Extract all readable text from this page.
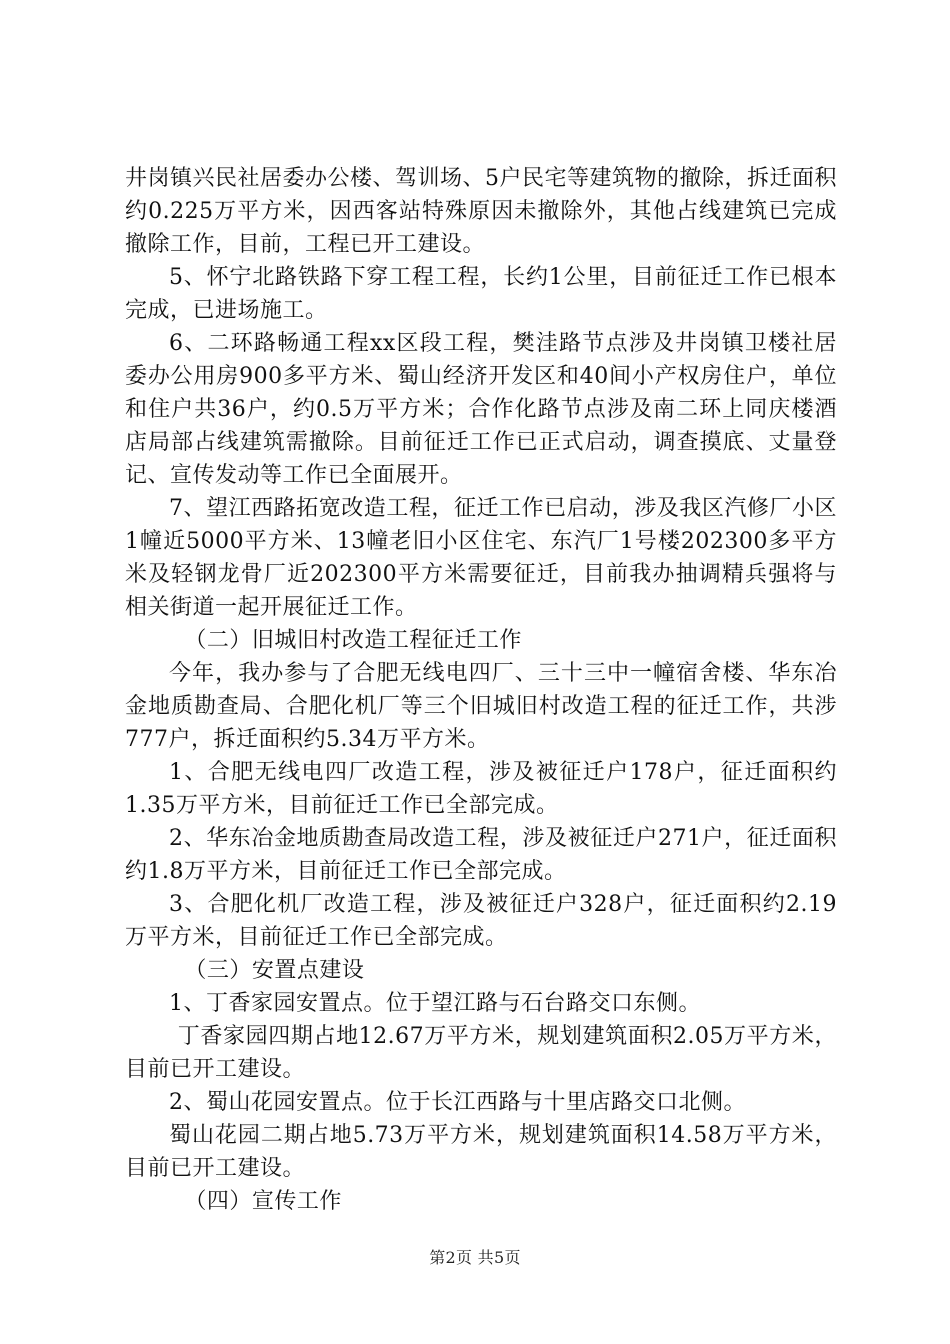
井岗镇兴民社居委办公楼、驾训场、5户民宅等建筑物的撤除，拆迁面积约0.225万平方米，因西客站特殊原因未撤除外，其他占线建筑已完成撤除工作，目前，工程已开工建设。

5、怀宁北路铁路下穿工程工程，长约1公里，目前征迁工作已根本完成，已进场施工。

6、二环路畅通工程xx区段工程，樊洼路节点涉及井岗镇卫楼社居委办公用房900多平方米、蜀山经济开发区和40间小产权房住户，单位和住户共36户，约0.5万平方米；合作化路节点涉及南二环上同庆楼酒店局部占线建筑需撤除。目前征迁工作已正式启动，调查摸底、丈量登记、宣传发动等工作已全面展开。

7、望江西路拓宽改造工程，征迁工作已启动，涉及我区汽修厂小区1幢近5000平方米、13幢老旧小区住宅、东汽厂1号楼202300多平方米及轻钢龙骨厂近202300平方米需要征迁，目前我办抽调精兵强将与相关街道一起开展征迁工作。

（二）旧城旧村改造工程征迁工作

今年，我办参与了合肥无线电四厂、三十三中一幢宿舍楼、华东冶金地质勘查局、合肥化机厂等三个旧城旧村改造工程的征迁工作，共涉777户，拆迁面积约5.34万平方米。

1、合肥无线电四厂改造工程，涉及被征迁户178户，征迁面积约1.35万平方米，目前征迁工作已全部完成。

2、华东冶金地质勘查局改造工程，涉及被征迁户271户，征迁面积约1.8万平方米，目前征迁工作已全部完成。

3、合肥化机厂改造工程，涉及被征迁户328户，征迁面积约2.19万平方米，目前征迁工作已全部完成。

（三）安置点建设

1、丁香家园安置点。位于望江路与石台路交口东侧。

丁香家园四期占地12.67万平方米，规划建筑面积2.05万平方米，目前已开工建设。

2、蜀山花园安置点。位于长江西路与十里店路交口北侧。

蜀山花园二期占地5.73万平方米，规划建筑面积14.58万平方米，目前已开工建设。

（四）宣传工作

第2页 共5页
